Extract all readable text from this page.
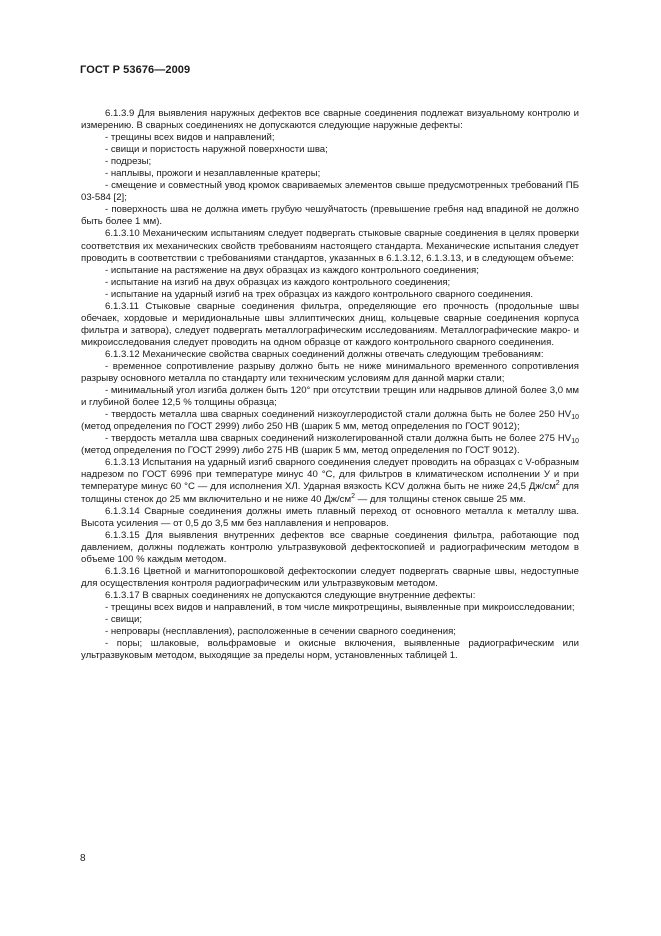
ГОСТ Р 53676—2009

6.1.3.9 Для выявления наружных дефектов все сварные соединения подлежат визуальному контролю и измерению. В сварных соединениях не допускаются следующие наружные дефекты:

- трещины всех видов и направлений;

- свищи и пористость наружной поверхности шва;

- подрезы;

- наплывы, прожоги и незаплавленные кратеры;

- смещение и совместный увод кромок свариваемых элементов свыше предусмотренных требований ПБ 03-584 [2];

- поверхность шва не должна иметь грубую чешуйчатость (превышение гребня над впадиной не должно быть более 1 мм).

6.1.3.10 Механическим испытаниям следует подвергать стыковые сварные соединения в целях проверки соответствия их механических свойств требованиям настоящего стандарта. Механические испытания следует проводить в соответствии с требованиями стандартов, указанных в 6.1.3.12, 6.1.3.13, и в следующем объеме:

- испытание на растяжение на двух образцах из каждого контрольного соединения;

- испытание на изгиб на двух образцах из каждого контрольного соединения;

- испытание на ударный изгиб на трех образцах из каждого контрольного сварного соединения.

6.1.3.11 Стыковые сварные соединения фильтра, определяющие его прочность (продольные швы обечаек, хордовые и меридиональные швы эллиптических днищ, кольцевые сварные соединения корпуса фильтра и затвора), следует подвергать металлографическим исследованиям. Металлографические макро- и микроисследования следует проводить на одном образце от каждого контрольного сварного соединения.

6.1.3.12 Механические свойства сварных соединений должны отвечать следующим требованиям:

- временное сопротивление разрыву должно быть не ниже минимального временного сопротивления разрыву основного металла по стандарту или техническим условиям для данной марки стали;

- минимальный угол изгиба должен быть 120° при отсутствии трещин или надрывов длиной более 3,0 мм и глубиной более 12,5 % толщины образца;

- твердость металла шва сварных соединений низкоуглеродистой стали должна быть не более 250 $HV_{10}$ (метод определения по ГОСТ 2999) либо 250 HB (шарик 5 мм, метод определения по ГОСТ 9012);

- твердость металла шва сварных соединений низколегированной стали должна быть не более 275 $HV_{10}$ (метод определения по ГОСТ 2999) либо 275 HB (шарик 5 мм, метод определения по ГОСТ 9012).

6.1.3.13 Испытания на ударный изгиб сварного соединения следует проводить на образцах с V-образным надрезом по ГОСТ 6996 при температуре минус 40 °С, для фильтров в климатическом исполнении У и при температуре минус 60 °С — для исполнения ХЛ. Ударная вязкость KCV должна быть не ниже 24,5 $Дж/см^2$ для толщины стенок до 25 мм включительно и не ниже 40 $Дж/см^2$ — для толщины стенок свыше 25 мм.

6.1.3.14 Сварные соединения должны иметь плавный переход от основного металла к металлу шва. Высота усиления — от 0,5 до 3,5 мм без наплавления и непроваров.

6.1.3.15 Для выявления внутренних дефектов все сварные соединения фильтра, работающие под давлением, должны подлежать контролю ультразвуковой дефектоскопией и радиографическим методом в объеме 100 % каждым методом.

6.1.3.16 Цветной и магнитопорошковой дефектоскопии следует подвергать сварные швы, недоступные для осуществления контроля радиографическим или ультразвуковым методом.

6.1.3.17 В сварных соединениях не допускаются следующие внутренние дефекты:

- трещины всех видов и направлений, в том числе микротрещины, выявленные при микроисследовании;

- свищи;

- непровары (несплавления), расположенные в сечении сварного соединения;

- поры; шлаковые, вольфрамовые и окисные включения, выявленные радиографическим или ультразвуковым методом, выходящие за пределы норм, установленных таблицей 1.

8
